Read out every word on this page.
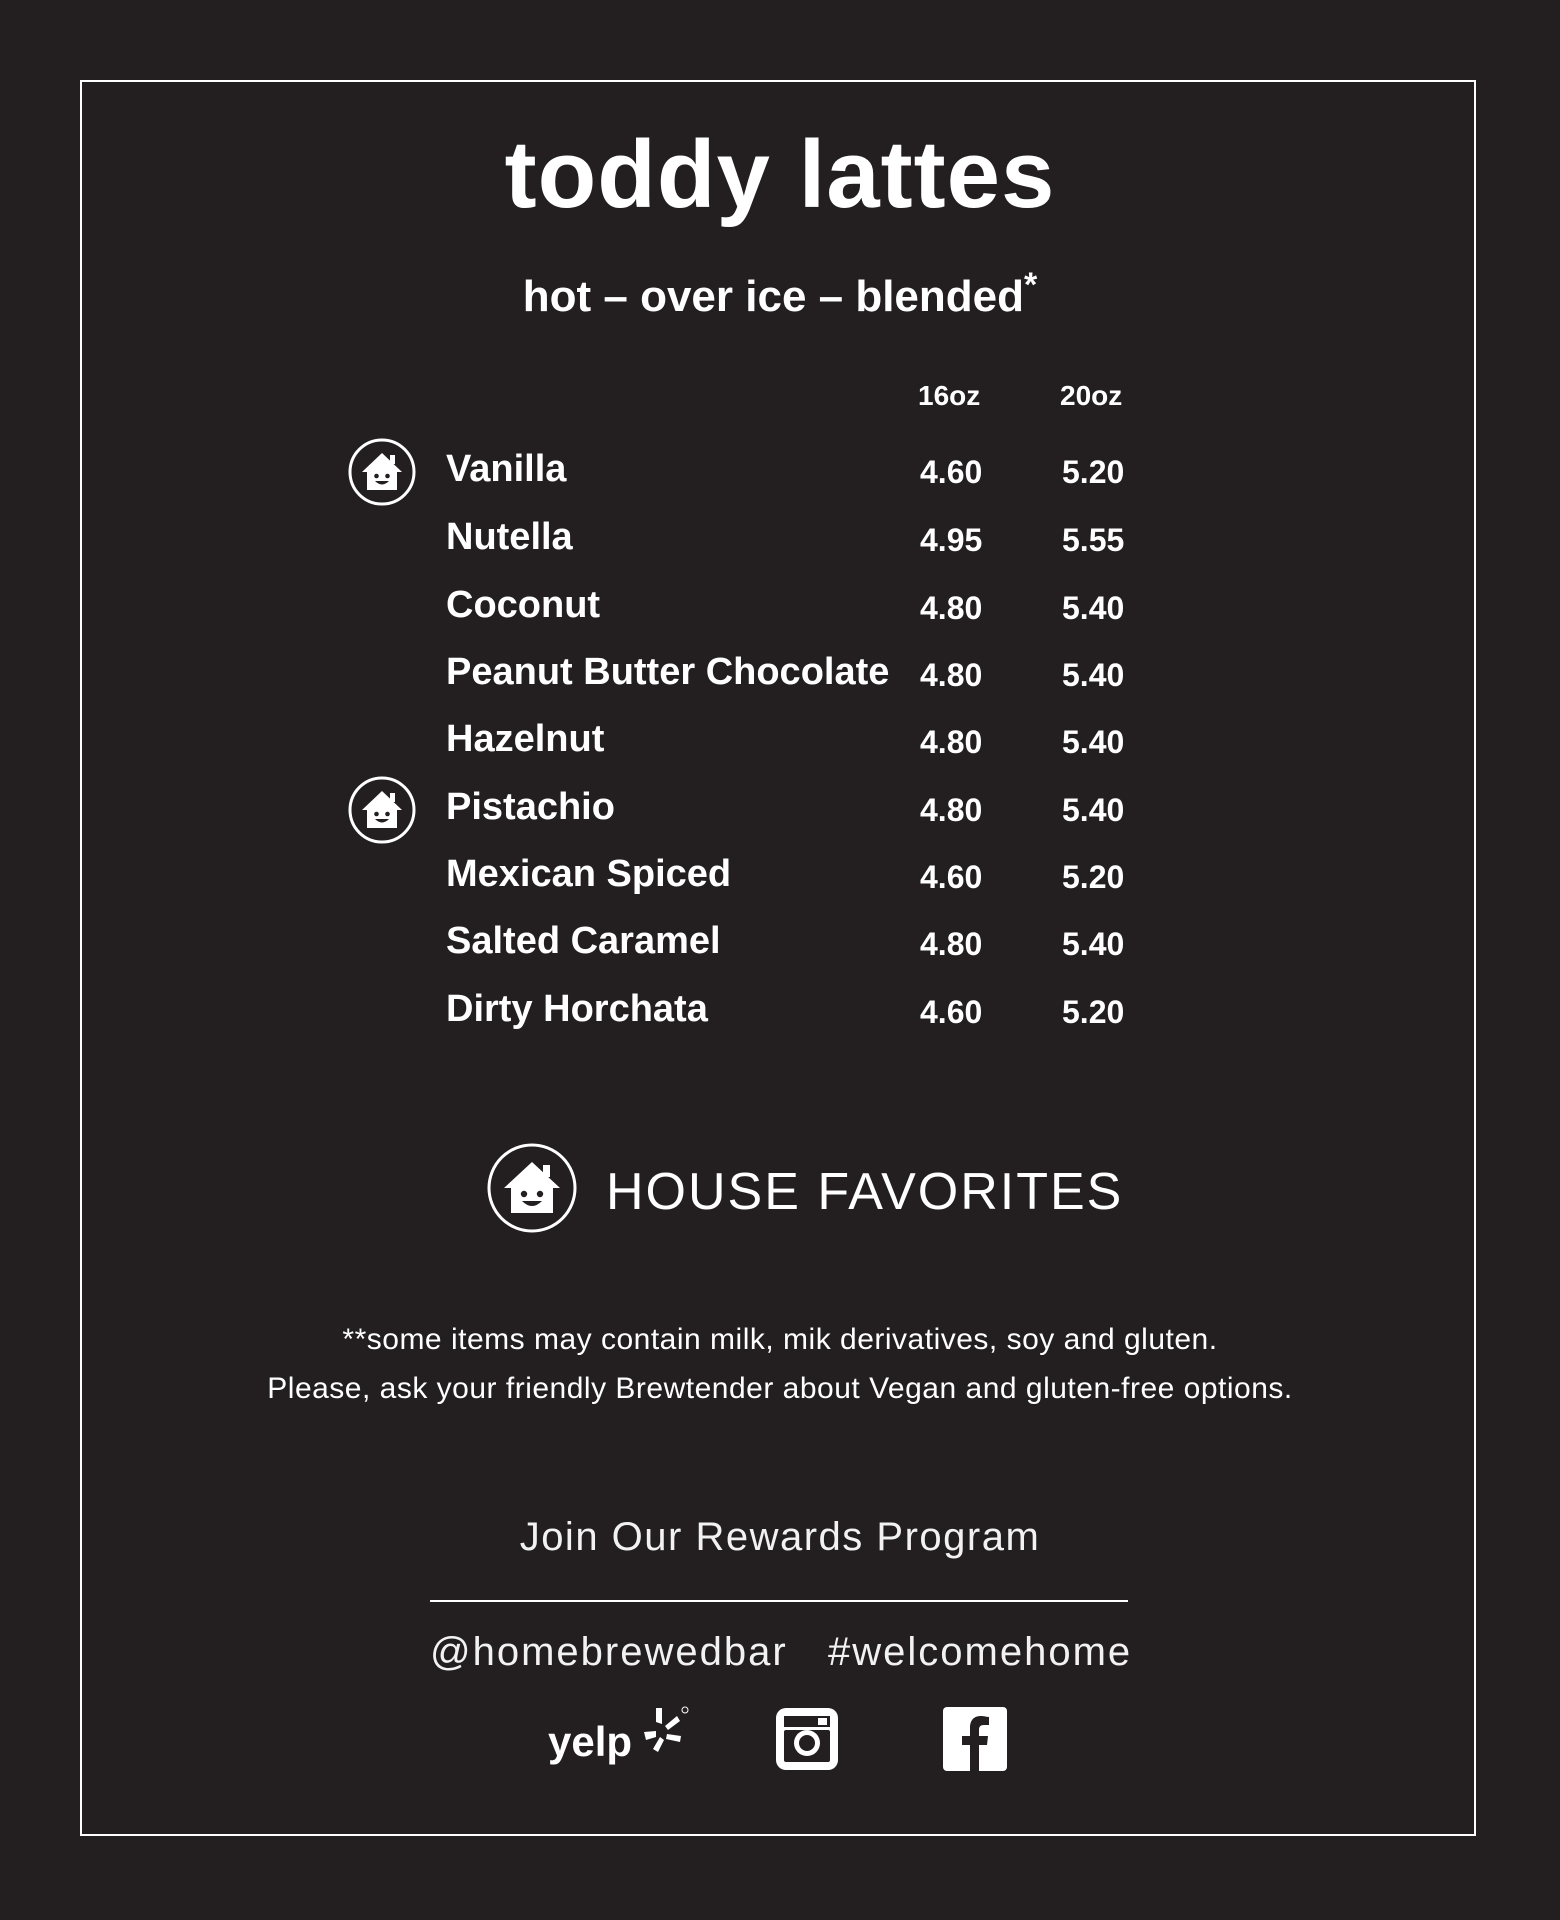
toddy lattes
hot – over ice – blended*
16oz	20oz
Vanilla	4.60 5.20
Nutella	4.95 5.55
Coconut	4.80 5.40
Peanut Butter Chocolate 4.80 5.40
Hazelnut	4.80 5.40
Pistachio	4.80 5.40
Mexican Spiced	4.60 5.20
Salted Caramel	4.80 5.40
Dirty Horchata	4.60 5.20
HOUSE FAVORITES
**some items may contain milk, mik derivatives, soy and gluten.
Please, ask your friendly Brewtender about Vegan and gluten-free options.
Join Our Rewards Program
@homebrewedbar #welcomehome
yelp
